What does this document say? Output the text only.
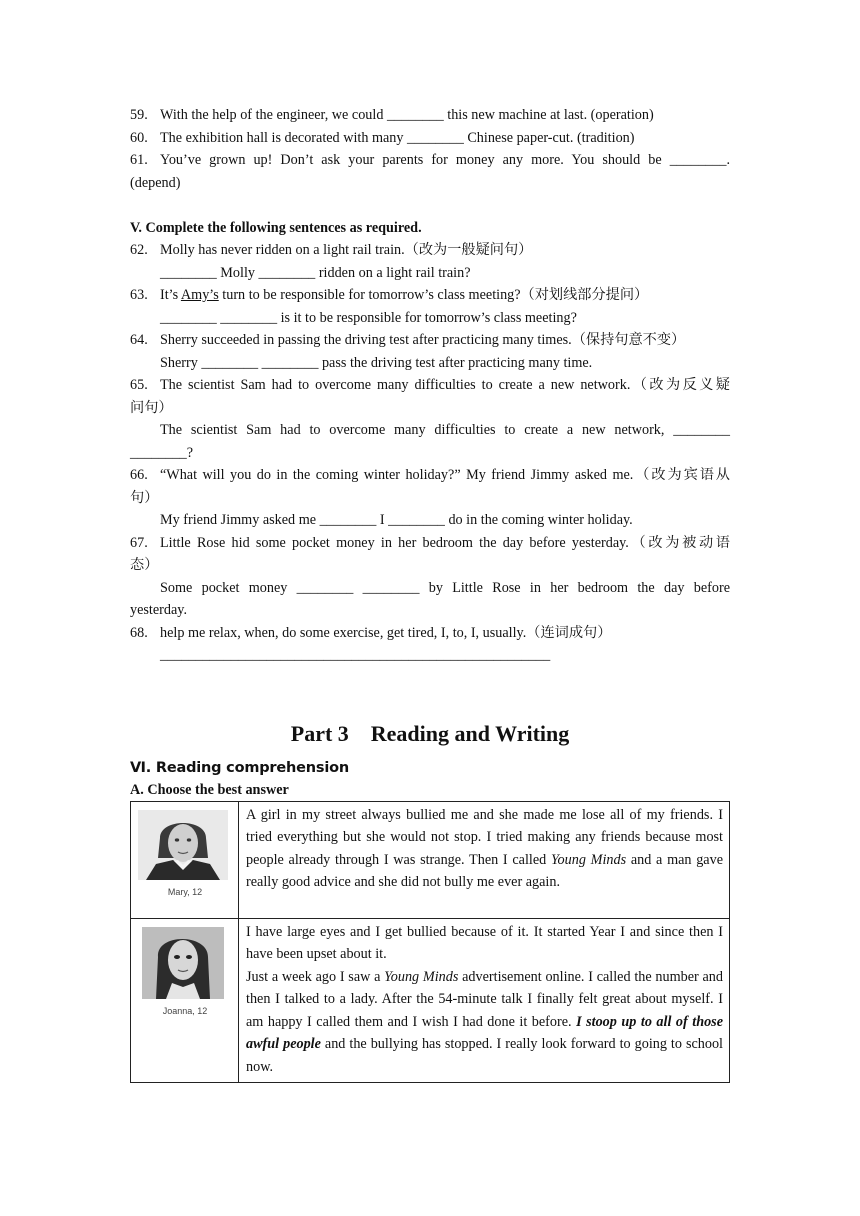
59. With the help of the engineer, we could ________ this new machine at last. (operation)

60. The exhibition hall is decorated with many ________ Chinese paper-cut. (tradition)

61. You’ve grown up! Don’t ask your parents for money any more. You should be ________.

(depend)

V. Complete the following sentences as required.

62. Molly has never ridden on a light rail train.（改为一般疑问句）

________ Molly ________ ridden on a light rail train?

63. It’s Amy’s turn to be responsible for tomorrow’s class meeting?（对划线部分提问）

________ ________ is it to be responsible for tomorrow’s class meeting?

64. Sherry succeeded in passing the driving test after practicing many times.（保持句意不变）

Sherry ________ ________ pass the driving test after practicing many time.

65. The scientist Sam had to overcome many difficulties to create a new network.（改为反义疑

问句）

The scientist Sam had to overcome many difficulties to create a new network, ________

________?

66. “What will you do in the coming winter holiday?” My friend Jimmy asked me.（改为宾语从

句）

My friend Jimmy asked me ________ I ________ do in the coming winter holiday.

67. Little Rose hid some pocket money in her bedroom the day before yesterday.（改为被动语

态）

Some pocket money ________ ________ by Little Rose in her bedroom the day before

yesterday.

68. help me relax, when, do some exercise, get tired, I, to, I, usually.（连词成句）

_______________________________________________________

Part 3 Reading and Writing
Ⅵ. Reading comprehension
A. Choose the best answer
Mary, 12	A girl in my street always bullied me and she made me lose all of my friends. I tried everything but she would not stop. I tried making any friends because most people already through I was strange. Then I called Young Minds and a man gave really good advice and she did not bully me ever again.

Joanna, 12	I have large eyes and I get bullied because of it. It started Year I and since then I have been upset about it.
Just a week ago I saw a Young Minds advertisement online. I called the number and then I talked to a lady. After the 54-minute talk I finally felt great about myself. I am happy I called them and I wish I had done it before. I stoop up to all of those awful people and the bullying has stopped. I really look forward to going to school now.
